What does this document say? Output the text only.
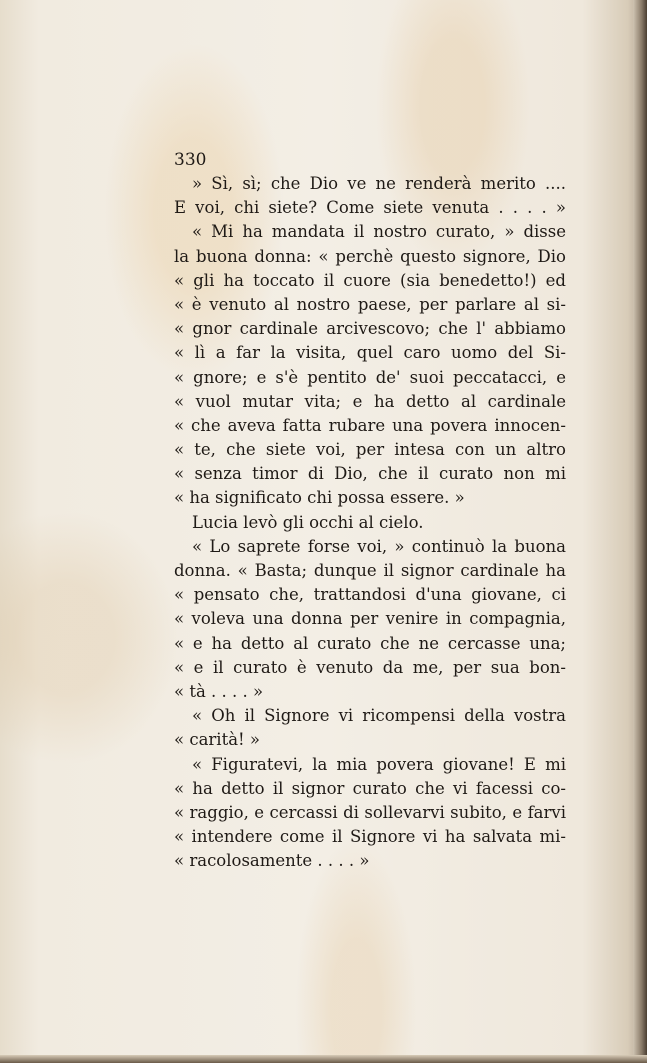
330
» Sì, sì; che Dio ve ne renderà merito ....
E voi, chi siete? Come siete venuta . . . . »
« Mi ha mandata il nostro curato, » disse
la buona donna: « perchè questo signore, Dio
« gli ha toccato il cuore (sia benedetto!) ed
« è venuto al nostro paese, per parlare al si-
« gnor cardinale arcivescovo; che l' abbiamo
« lì a far la visita, quel caro uomo del Si-
« gnore; e s'è pentito de' suoi peccatacci, e
« vuol mutar vita; e ha detto al cardinale
« che aveva fatta rubare una povera innocen-
« te, che siete voi, per intesa con un altro
« senza timor di Dio, che il curato non mi
« ha significato chi possa essere. »
Lucia levò gli occhi al cielo.
« Lo saprete forse voi, » continuò la buona
donna. « Basta; dunque il signor cardinale ha
« pensato che, trattandosi d'una giovane, ci
« voleva una donna per venire in compagnia,
« e ha detto al curato che ne cercasse una;
« e il curato è venuto da me, per sua bon-
« tà . . . . »
« Oh il Signore vi ricompensi della vostra
« carità! »
« Figuratevi, la mia povera giovane! E mi
« ha detto il signor curato che vi facessi co-
« raggio, e cercassi di sollevarvi subito, e farvi
« intendere come il Signore vi ha salvata mi-
« racolosamente . . . . »
